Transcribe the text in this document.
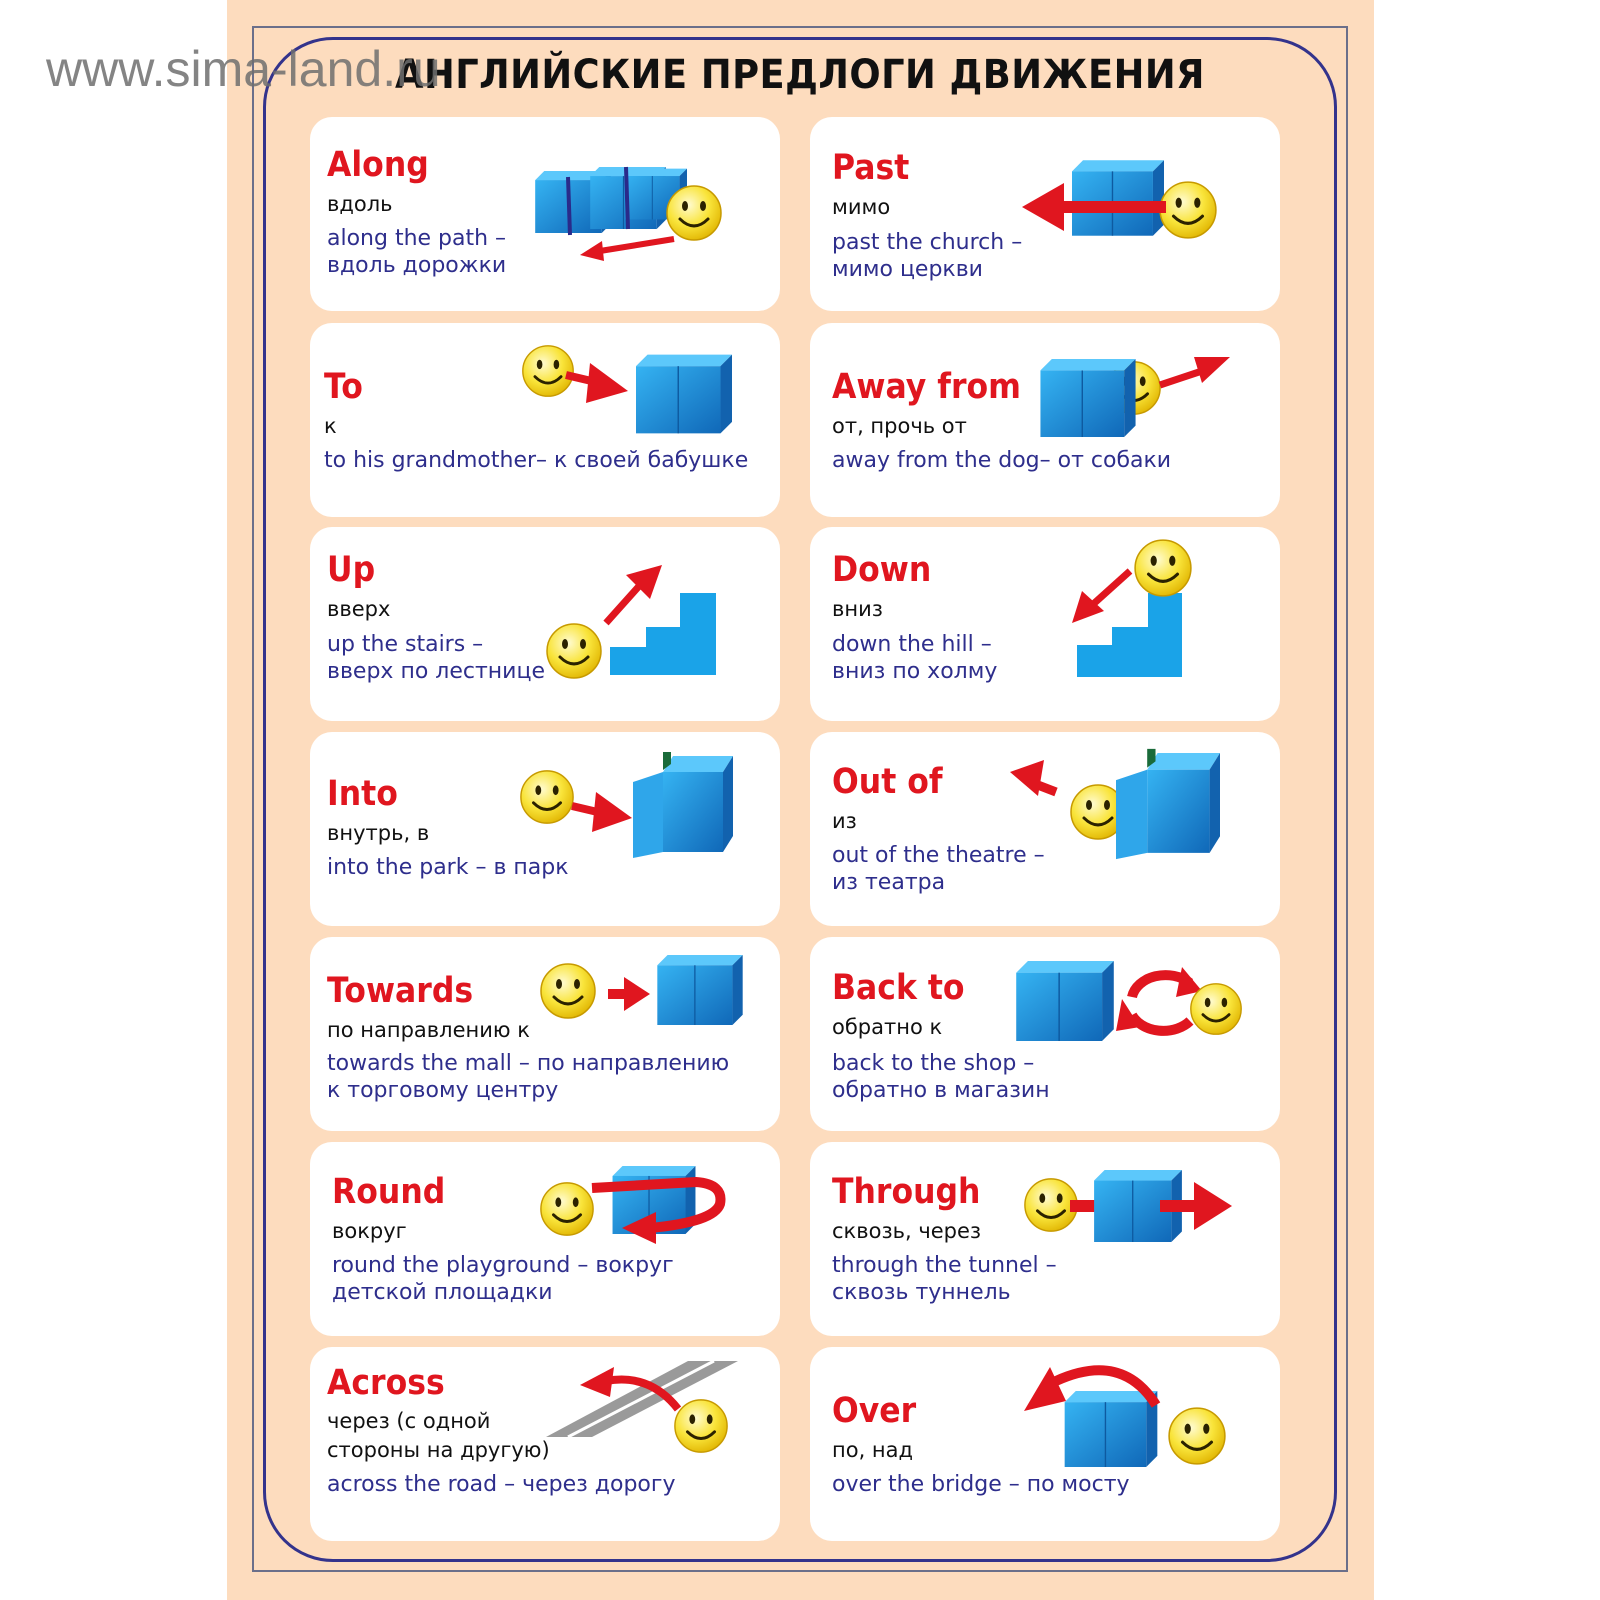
АНГЛИЙСКИЕ ПРЕДЛОГИ ДВИЖЕНИЯ
www.sima-land.ru
Along
вдоль
along the path –
вдоль дорожки
Past
мимо
past the church –
мимо церкви
To
к
to his grandmother– к своей бабушке
Away from
от, прочь от
away from the dog– от собаки
Up
вверх
up the stairs –
вверх по лестнице
Down
вниз
down the hill –
вниз по холму
Into
внутрь, в
into the park – в парк
Out of
из
out of the theatre –
из театра
Towards
по направлению к
towards the mall – по направлению
к торговому центру
Back to
обратно к
back to the shop –
обратно в магазин
Round
вокруг
round the playground – вокруг
детской площадки
Through
сквозь, через
through the tunnel –
сквозь туннель
Across
через (с одной
стороны на другую)
across the road – через дорогу
Over
по, над
over the bridge – по мосту
